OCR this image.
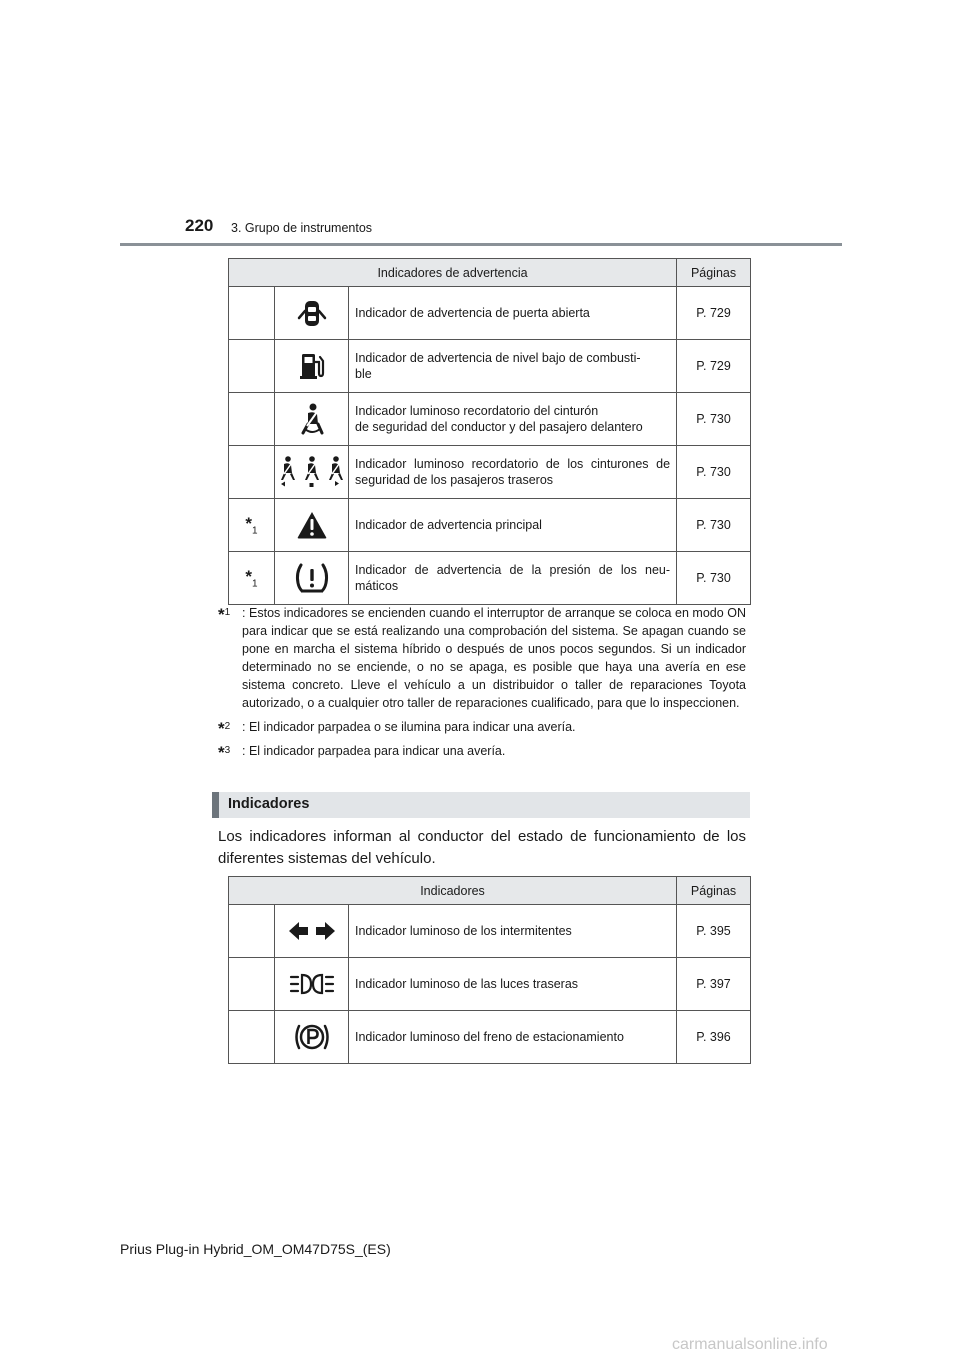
220 3. Grupo de instrumentos
Indicadores de advertencia			Páginas
		Indicador de advertencia de puerta abierta	P. 729
		Indicador de advertencia de nivel bajo de combusti-
ble	P. 729
		Indicador luminoso recordatorio del cinturón
de seguridad del conductor y del pasajero delantero	P. 730
		Indicador luminoso recordatorio de los cinturones de seguridad de los pasajeros traseros	P. 730
$*_1$		Indicador de advertencia principal	P. 730
$*_1$		Indicador de advertencia de la presión de los neu-máticos	P. 730
*$^1$ : Estos indicadores se encienden cuando el interruptor de arranque se coloca en modo ON para indicar que se está realizando una comprobación del sistema. Se apagan cuando se pone en marcha el sistema híbrido o después de unos pocos segundos. Si un indicador determinado no se enciende, o no se apaga, es posible que haya una avería en ese sistema concreto. Lleve el vehículo a un distribuidor o taller de reparaciones Toyota autorizado, o a cualquier otro taller de reparaciones cualificado, para que lo inspeccionen.
*$^2$ : El indicador parpadea o se ilumina para indicar una avería.
*$^3$ : El indicador parpadea para indicar una avería.
Indicadores
Los indicadores informan al conductor del estado de funcionamiento de los diferentes sistemas del vehículo.
Indicadores			Páginas
		Indicador luminoso de los intermitentes	P. 395
		Indicador luminoso de las luces traseras	P. 397
		Indicador luminoso del freno de estacionamiento	P. 396
Prius Plug-in Hybrid_OM_OM47D75S_(ES)
carmanualsonline.info
